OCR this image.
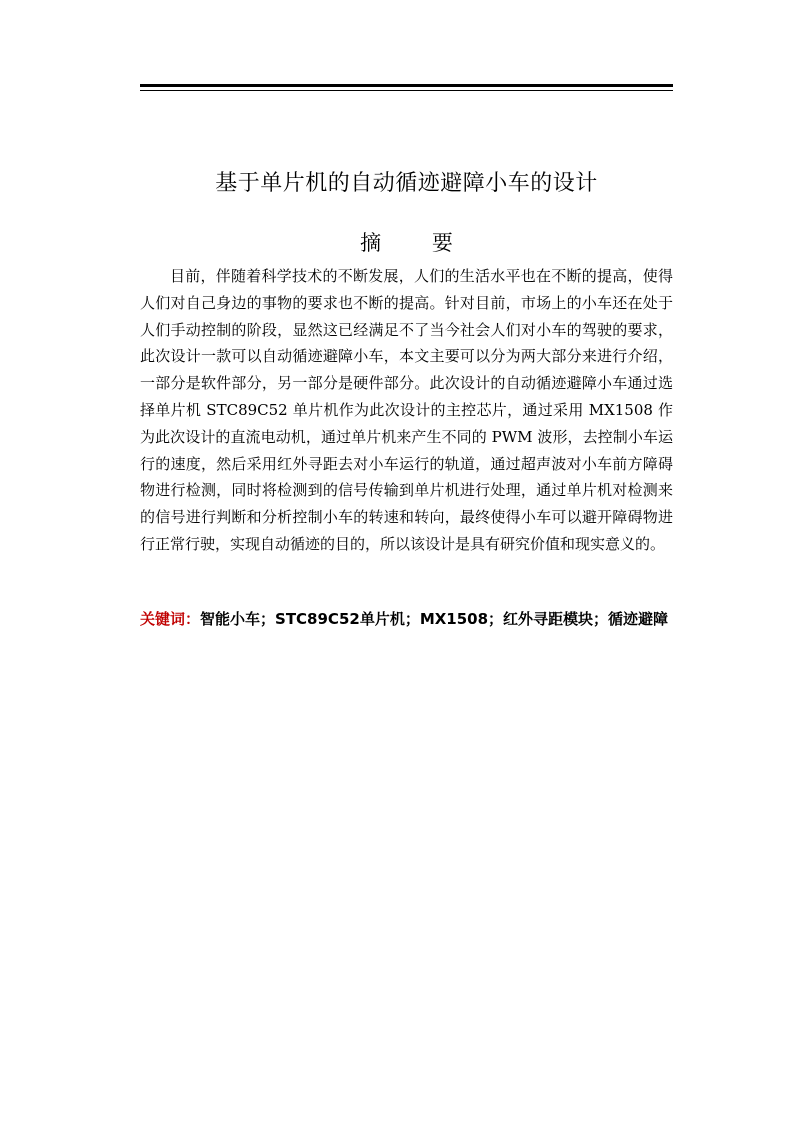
基于单片机的自动循迹避障小车的设计
摘 要

目前，伴随着科学技术的不断发展，人们的生活水平也在不断的提高，使得人们对自己身边的事物的要求也不断的提高。针对目前，市场上的小车还在处于人们手动控制的阶段，显然这已经满足不了当今社会人们对小车的驾驶的要求，此次设计一款可以自动循迹避障小车，本文主要可以分为两大部分来进行介绍，一部分是软件部分，另一部分是硬件部分。此次设计的自动循迹避障小车通过选择单片机 STC89C52 单片机作为此次设计的主控芯片，通过采用 MX1508 作为此次设计的直流电动机，通过单片机来产生不同的 PWM 波形，去控制小车运行的速度，然后采用红外寻距去对小车运行的轨道，通过超声波对小车前方障碍物进行检测，同时将检测到的信号传输到单片机进行处理，通过单片机对检测来的信号进行判断和分析控制小车的转速和转向，最终使得小车可以避开障碍物进行正常行驶，实现自动循迹的目的，所以该设计是具有研究价值和现实意义的。

关键词：智能小车；STC89C52单片机；MX1508；红外寻距模块；循迹避障
